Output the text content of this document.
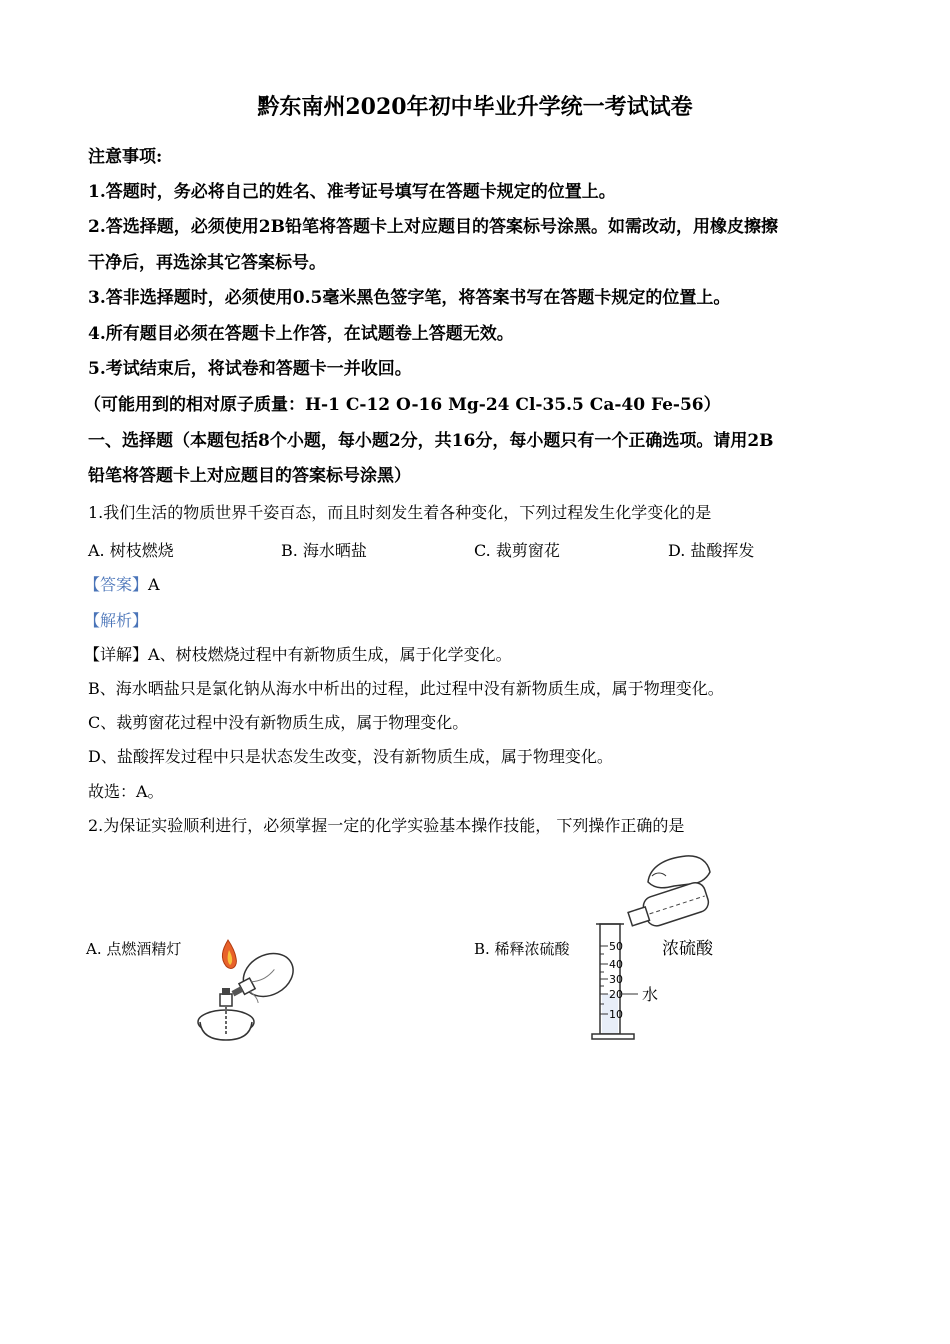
黔东南州2020年初中毕业升学统一考试试卷
注意事项:
1.答题时，务必将自己的姓名、准考证号填写在答题卡规定的位置上。
2.答选择题，必须使用2B铅笔将答题卡上对应题目的答案标号涂黑。如需改动，用橡皮擦擦
干净后，再选涂其它答案标号。
3.答非选择题时，必须使用0.5毫米黑色签字笔，将答案书写在答题卡规定的位置上。
4.所有题目必须在答题卡上作答，在试题卷上答题无效。
5.考试结束后，将试卷和答题卡一并收回。
（可能用到的相对原子质量：H-1 C-12 O-16 Mg-24 Cl-35.5 Ca-40 Fe-56）
一、选择题（本题包括8个小题，每小题2分，共16分，每小题只有一个正确选项。请用2B
铅笔将答题卡上对应题目的答案标号涂黑）
1.我们生活的物质世界千姿百态，而且时刻发生着各种变化，下列过程发生化学变化的是
A. 树枝燃烧	B. 海水晒盐	C. 裁剪窗花	D. 盐酸挥发
【答案】A
【解析】
【详解】A、树枝燃烧过程中有新物质生成，属于化学变化。
B、海水晒盐只是氯化钠从海水中析出的过程，此过程中没有新物质生成，属于物理变化。
C、裁剪窗花过程中没有新物质生成，属于物理变化。
D、盐酸挥发过程中只是状态发生改变，没有新物质生成，属于物理变化。
故选：A。
2.为保证实验顺利进行，必须掌握一定的化学实验基本操作技能， 下列操作正确的是
A. 点燃酒精灯	B. 稀释浓硫酸	50
40
30
20
10
浓硫酸
水
